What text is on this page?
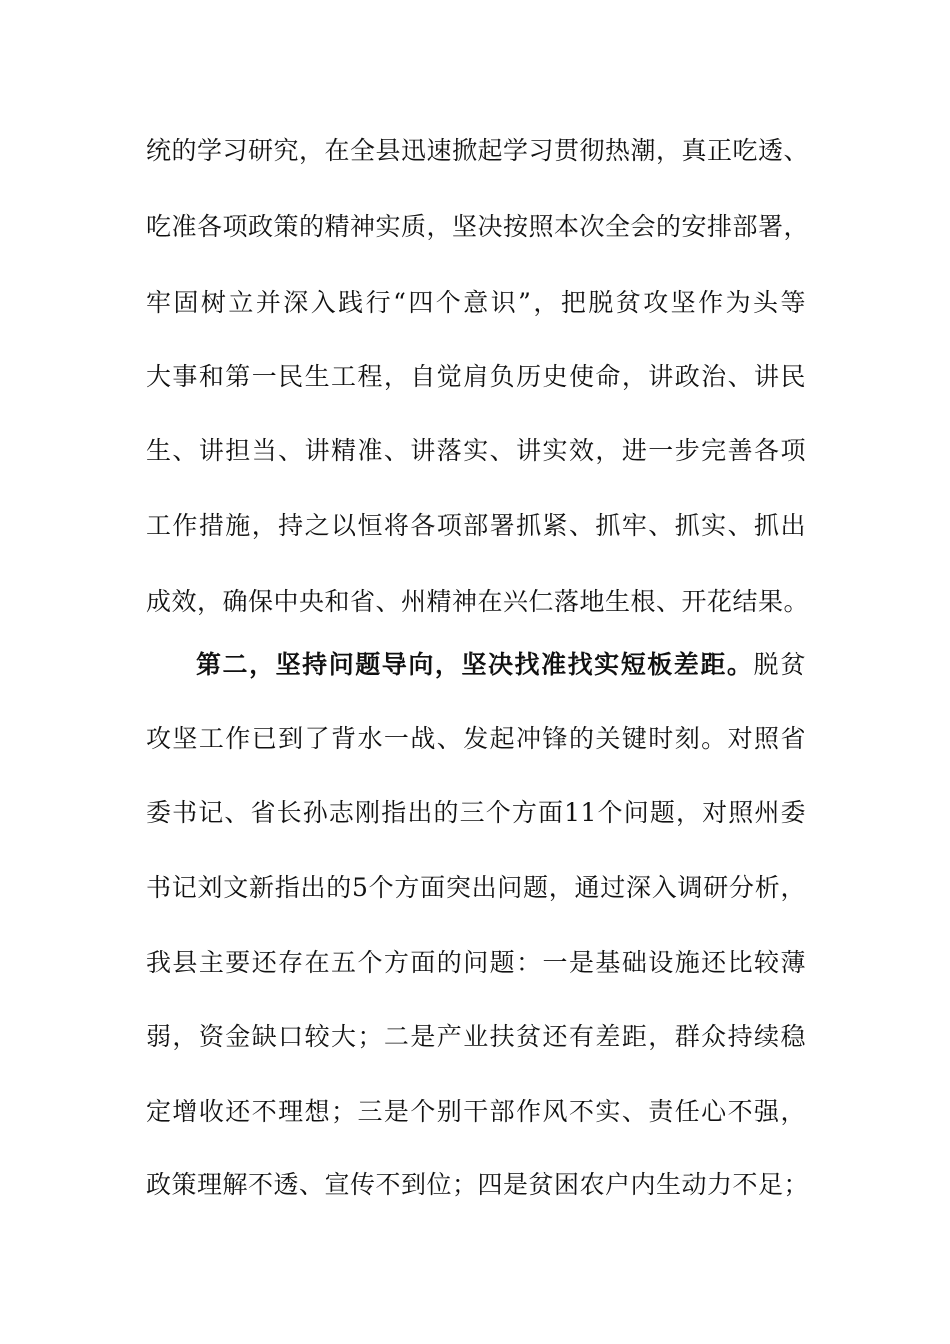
统的学习研究，在全县迅速掀起学习贯彻热潮，真正吃透、
吃准各项政策的精神实质，坚决按照本次全会的安排部署，
牢固树立并深入践行“四个意识”，把脱贫攻坚作为头等
大事和第一民生工程，自觉肩负历史使命，讲政治、讲民
生、讲担当、讲精准、讲落实、讲实效，进一步完善各项
工作措施，持之以恒将各项部署抓紧、抓牢、抓实、抓出
成效，确保中央和省、州精神在兴仁落地生根、开花结果。
第二，坚持问题导向，坚决找准找实短板差距。脱贫
攻坚工作已到了背水一战、发起冲锋的关键时刻。对照省
委书记、省长孙志刚指出的三个方面11个问题，对照州委
书记刘文新指出的5个方面突出问题，通过深入调研分析，
我县主要还存在五个方面的问题：一是基础设施还比较薄
弱，资金缺口较大；二是产业扶贫还有差距，群众持续稳
定增收还不理想；三是个别干部作风不实、责任心不强，
政策理解不透、宣传不到位；四是贫困农户内生动力不足；
